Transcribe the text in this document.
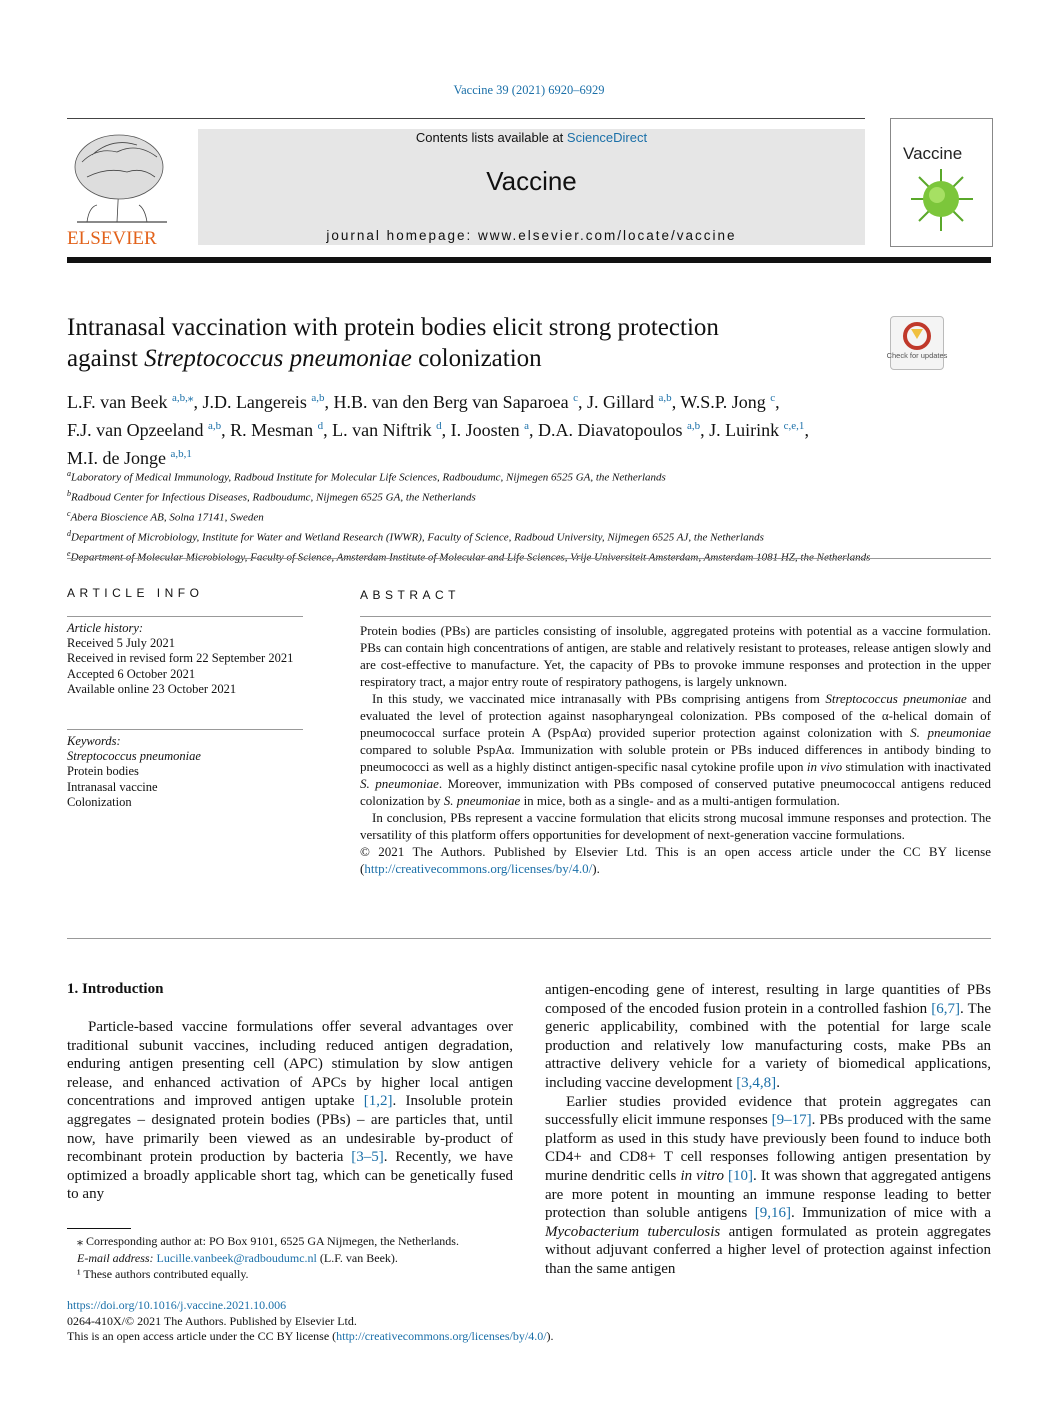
Vaccine 39 (2021) 6920–6929
ELSEVIER
Contents lists available at ScienceDirect
Vaccine
journal homepage: www.elsevier.com/locate/vaccine
Vaccine
Intranasal vaccination with protein bodies elicit strong protection
against Streptococcus pneumoniae colonization	Check for updates
L.F. van Beek $^{a,b,⁎}$, J.D. Langereis $^{a,b}$, H.B. van den Berg van Saparoea $^c$, J. Gillard $^{a,b}$, W.S.P. Jong $^c$,
F.J. van Opzeeland $^{a,b}$, R. Mesman $^d$, L. van Niftrik $^d$, I. Joosten $^a$, D.A. Diavatopoulos $^{a,b}$, J. Luirink $^{c,e,1}$,
M.I. de Jonge $^{a,b,1}$
$^a$Laboratory of Medical Immunology, Radboud Institute for Molecular Life Sciences, Radboudumc, Nijmegen 6525 GA, the Netherlands
$^b$Radboud Center for Infectious Diseases, Radboudumc, Nijmegen 6525 GA, the Netherlands
$^c$Abera Bioscience AB, Solna 17141, Sweden
$^d$Department of Microbiology, Institute for Water and Wetland Research (IWWR), Faculty of Science, Radboud University, Nijmegen 6525 AJ, the Netherlands
$^e$
ARTICLE INFO
Article history:
Received 5 July 2021
Received in revised form 22 September 2021
Accepted 6 October 2021
Available online 23 October 2021
Keywords:
Streptococcus pneumoniae
Protein bodies
Intranasal vaccine
Colonization
ABSTRACT

Protein bodies (PBs) are particles consisting of insoluble, aggregated proteins with potential as a vaccine formulation. PBs can contain high concentrations of antigen, are stable and relatively resistant to proteases, release antigen slowly and are cost-effective to manufacture. Yet, the capacity of PBs to provoke immune responses and protection in the upper respiratory tract, a major entry route of respiratory pathogens, is largely unknown.

In this study, we vaccinated mice intranasally with PBs comprising antigens from Streptococcus pneumoniae and evaluated the level of protection against nasopharyngeal colonization. PBs composed of the α-helical domain of pneumococcal surface protein A (PspAα) provided superior protection against colonization with S. pneumoniae compared to soluble PspAα. Immunization with soluble protein or PBs induced differences in antibody binding to pneumococci as well as a highly distinct antigen-specific nasal cytokine profile upon in vivo stimulation with inactivated S. pneumoniae. Moreover, immunization with PBs composed of conserved putative pneumococcal antigens reduced colonization by S. pneumoniae in mice, both as a single- and as a multi-antigen formulation.

In conclusion, PBs represent a vaccine formulation that elicits strong mucosal immune responses and protection. The versatility of this platform offers opportunities for development of next-generation vaccine formulations.

© 2021 The Authors. Published by Elsevier Ltd. This is an open access article under the CC BY license (http://creativecommons.org/licenses/by/4.0/).

1. Introduction

Particle-based vaccine formulations offer several advantages over traditional subunit vaccines, including reduced antigen degradation, enduring antigen presenting cell (APC) stimulation by slow antigen release, and enhanced activation of APCs by higher local antigen concentrations and improved antigen uptake [1,2]. Insoluble protein aggregates – designated protein bodies (PBs) – are particles that, until now, have primarily been viewed as an undesirable by-product of recombinant protein production by bacteria [3–5]. Recently, we have optimized a broadly applicable short tag, which can be genetically fused to any

antigen-encoding gene of interest, resulting in large quantities of PBs composed of the encoded fusion protein in a controlled fashion [6,7]. The generic applicability, combined with the potential for large scale production and relatively low manufacturing costs, make PBs an attractive delivery vehicle for a variety of biomedical applications, including vaccine development [3,4,8].

Earlier studies provided evidence that protein aggregates can successfully elicit immune responses [9–17]. PBs produced with the same platform as used in this study have previously been found to induce both CD4+ and CD8+ T cell responses following antigen presentation by murine dendritic cells in vitro [10]. It was shown that aggregated antigens are more potent in mounting an immune response leading to better protection than soluble antigens [9,16]. Immunization of mice with a Mycobacterium tuberculosis antigen formulated as protein aggregates without adjuvant conferred a higher level of protection against infection than the same antigen

⁎ Corresponding author at: PO Box 9101, 6525 GA Nijmegen, the Netherlands.
E-mail address: Lucille.vanbeek@radboudumc.nl (L.F. van Beek).
¹ These authors contributed equally.
https://doi.org/10.1016/j.vaccine.2021.10.006
0264-410X/© 2021 The Authors. Published by Elsevier Ltd.
This is an open access article under the CC BY license (http://creativecommons.org/licenses/by/4.0/).
